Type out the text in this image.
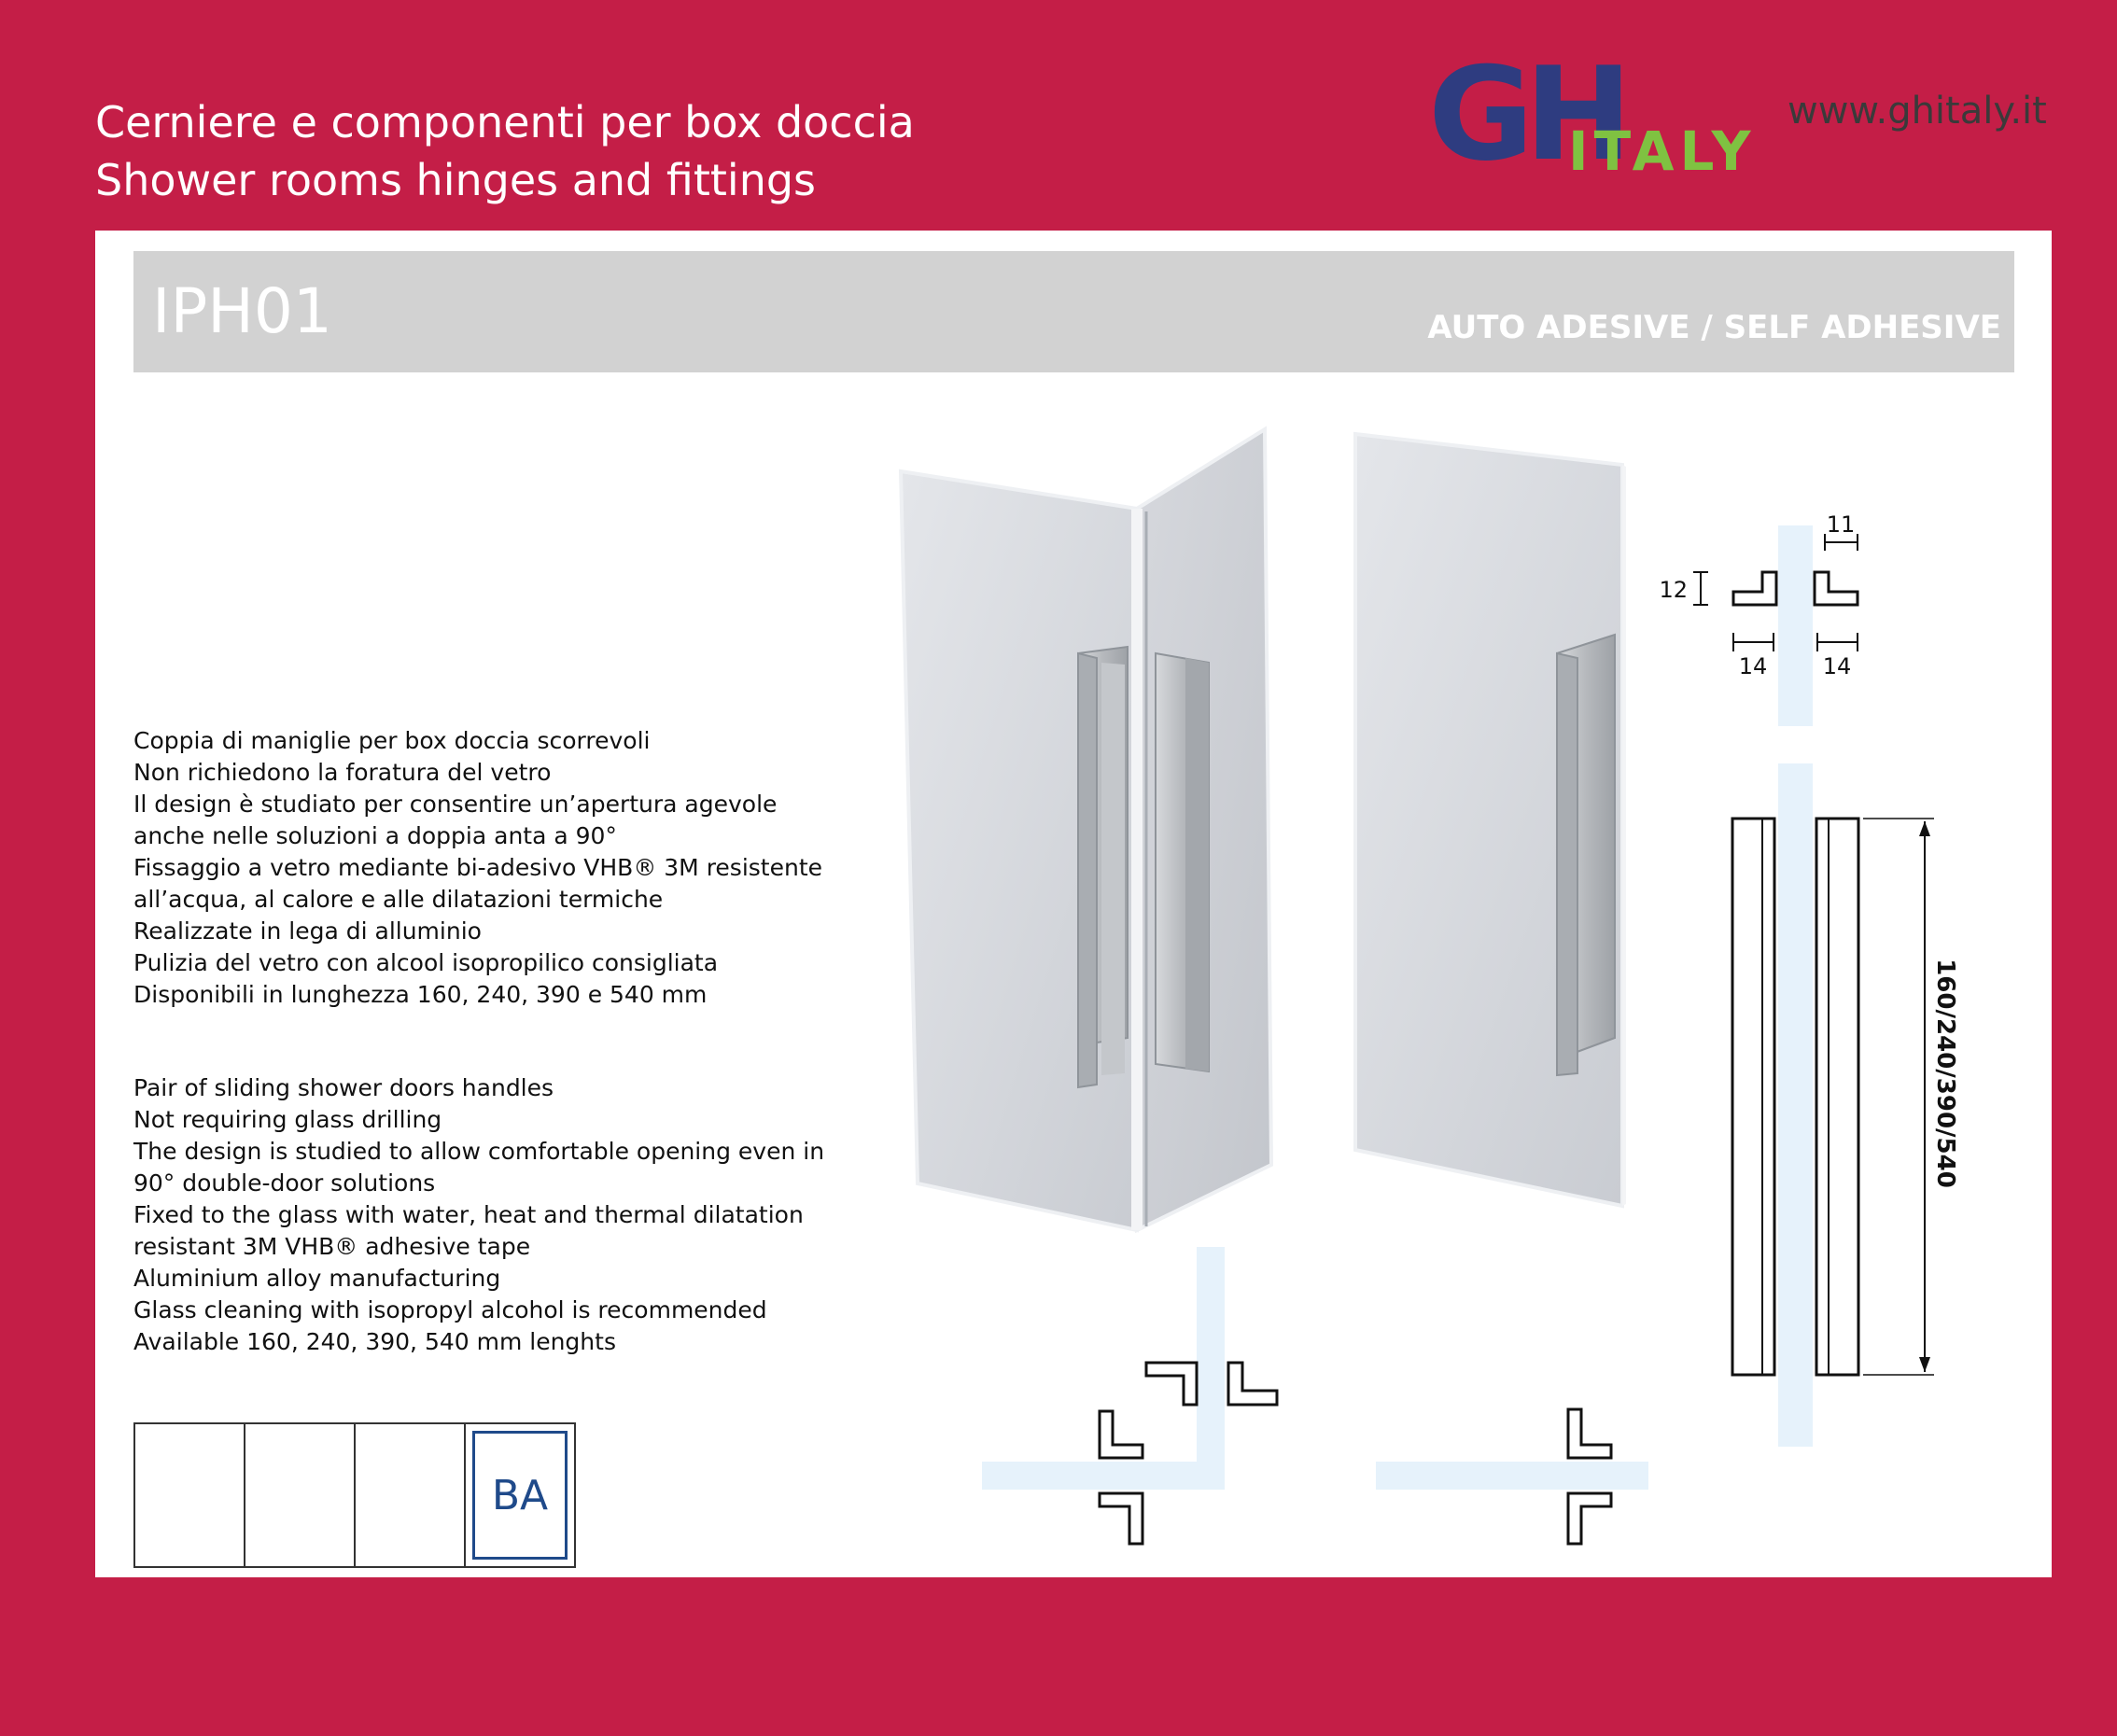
Cerniere e componenti per box doccia
Shower rooms hinges and fittings	GH
ITALY
www.ghitaly.it
IPH01	AUTO ADESIVE / SELF ADHESIVE
Coppia di maniglie per box doccia scorrevoli
Non richiedono la foratura del vetro
Il design è studiato per consentire un’apertura agevole
anche nelle soluzioni a doppia anta a 90°
Fissaggio a vetro mediante bi-adesivo VHB® 3M resistente
all’acqua, al calore e alle dilatazioni termiche
Realizzate in lega di alluminio
Pulizia del vetro con alcool isopropilico consigliata
Disponibili in lunghezza 160, 240, 390 e 540 mm
Pair of sliding shower doors handles
Not requiring glass drilling
The design is studied to allow comfortable opening even in
90° double-door solutions
Fixed to the glass with water, heat and thermal dilatation
resistant 3M VHB® adhesive tape
Aluminium alloy manufacturing
Glass cleaning with isopropyl alcohol is recommended
Available 160, 240, 390, 540 mm lenghts
BA
11
12
14 14
160/240/390/540
